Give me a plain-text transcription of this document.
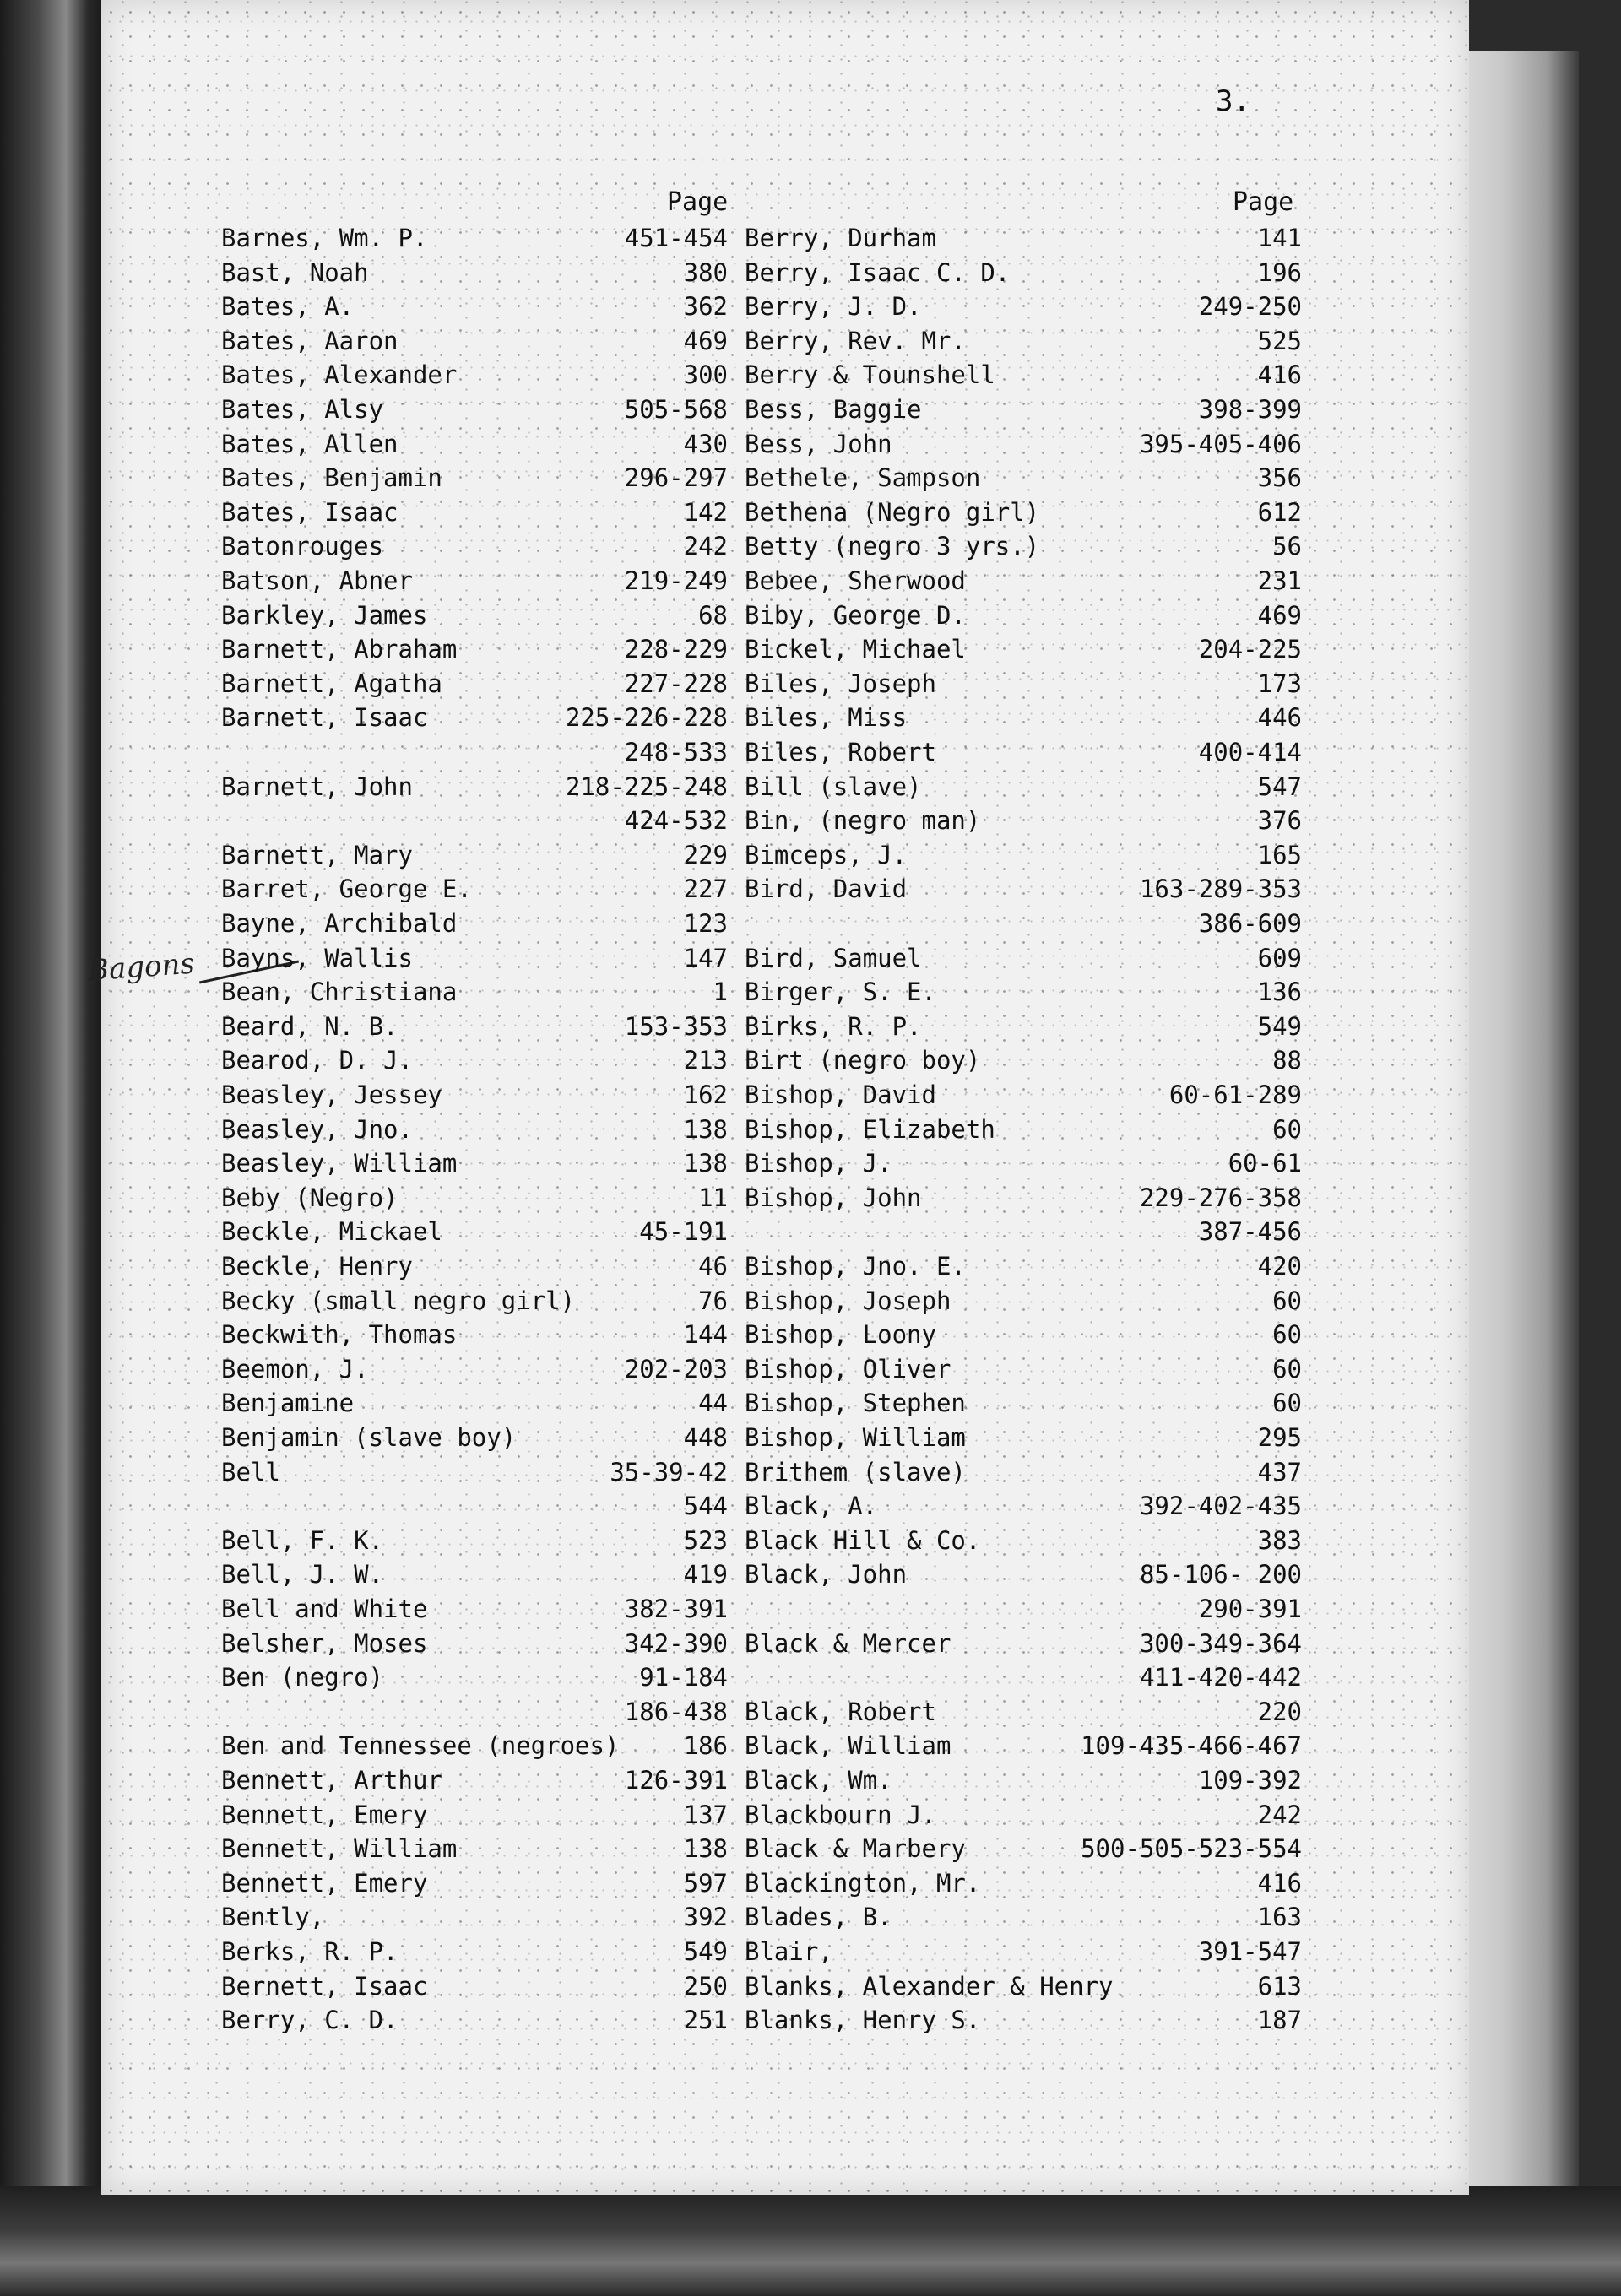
3.
Page	Page
Bagons
Barnes, Wm. P.	451-454
Bast, Noah	380
Bates, A.	362
Bates, Aaron	469
Bates, Alexander	300
Bates, Alsy	505-568
Bates, Allen	430
Bates, Benjamin	296-297
Bates, Isaac	142
Batonrouges	242
Batson, Abner	219-249
Barkley, James	68
Barnett, Abraham	228-229
Barnett, Agatha	227-228
Barnett, Isaac	225-226-228
248-533
Barnett, John	218-225-248
424-532
Barnett, Mary	229
Barret, George E.	227
Bayne, Archibald	123
Bayns, Wallis	147
Bean, Christiana	1
Beard, N. B.	153-353
Bearod, D. J.	213
Beasley, Jessey	162
Beasley, Jno.	138
Beasley, William	138
Beby (Negro)	11
Beckle, Mickael	45-191
Beckle, Henry	46
Becky (small negro girl)	76
Beckwith, Thomas	144
Beemon, J.	202-203
Benjamine	44
Benjamin (slave boy)	448
Bell	35-39-42
544
Bell, F. K.	523
Bell, J. W.	419
Bell and White	382-391
Belsher, Moses	342-390
Ben (negro)	91-184
186-438
Ben and Tennessee (negroes)	186
Bennett, Arthur	126-391
Bennett, Emery	137
Bennett, William	138
Bennett, Emery	597
Bently,	392
Berks, R. P.	549
Bernett, Isaac	250
Berry, C. D.	251
Berry, Durham	141
Berry, Isaac C. D.	196
Berry, J. D.	249-250
Berry, Rev. Mr.	525
Berry & Tounshell	416
Bess, Baggie	398-399
Bess, John	395-405-406
Bethele, Sampson	356
Bethena (Negro girl)	612
Betty (negro 3 yrs.)	56
Bebee, Sherwood	231
Biby, George D.	469
Bickel, Michael	204-225
Biles, Joseph	173
Biles, Miss	446
Biles, Robert	400-414
Bill (slave)	547
Bin, (negro man)	376
Bimceps, J.	165
Bird, David	163-289-353
386-609
Bird, Samuel	609
Birger, S. E.	136
Birks, R. P.	549
Birt (negro boy)	88
Bishop, David	60-61-289
Bishop, Elizabeth	60
Bishop, J.	60-61
Bishop, John	229-276-358
387-456
Bishop, Jno. E.	420
Bishop, Joseph	60
Bishop, Loony	60
Bishop, Oliver	60
Bishop, Stephen	60
Bishop, William	295
Brithem (slave)	437
Black, A.	392-402-435
Black Hill & Co.	383
Black, John	85-106- 200
290-391
Black & Mercer	300-349-364
411-420-442
Black, Robert	220
Black, William	109-435-466-467
Black, Wm.	109-392
Blackbourn J.	242
Black & Marbery	500-505-523-554
Blackington, Mr.	416
Blades, B.	163
Blair,	391-547
Blanks, Alexander & Henry	613
Blanks, Henry S.	187
